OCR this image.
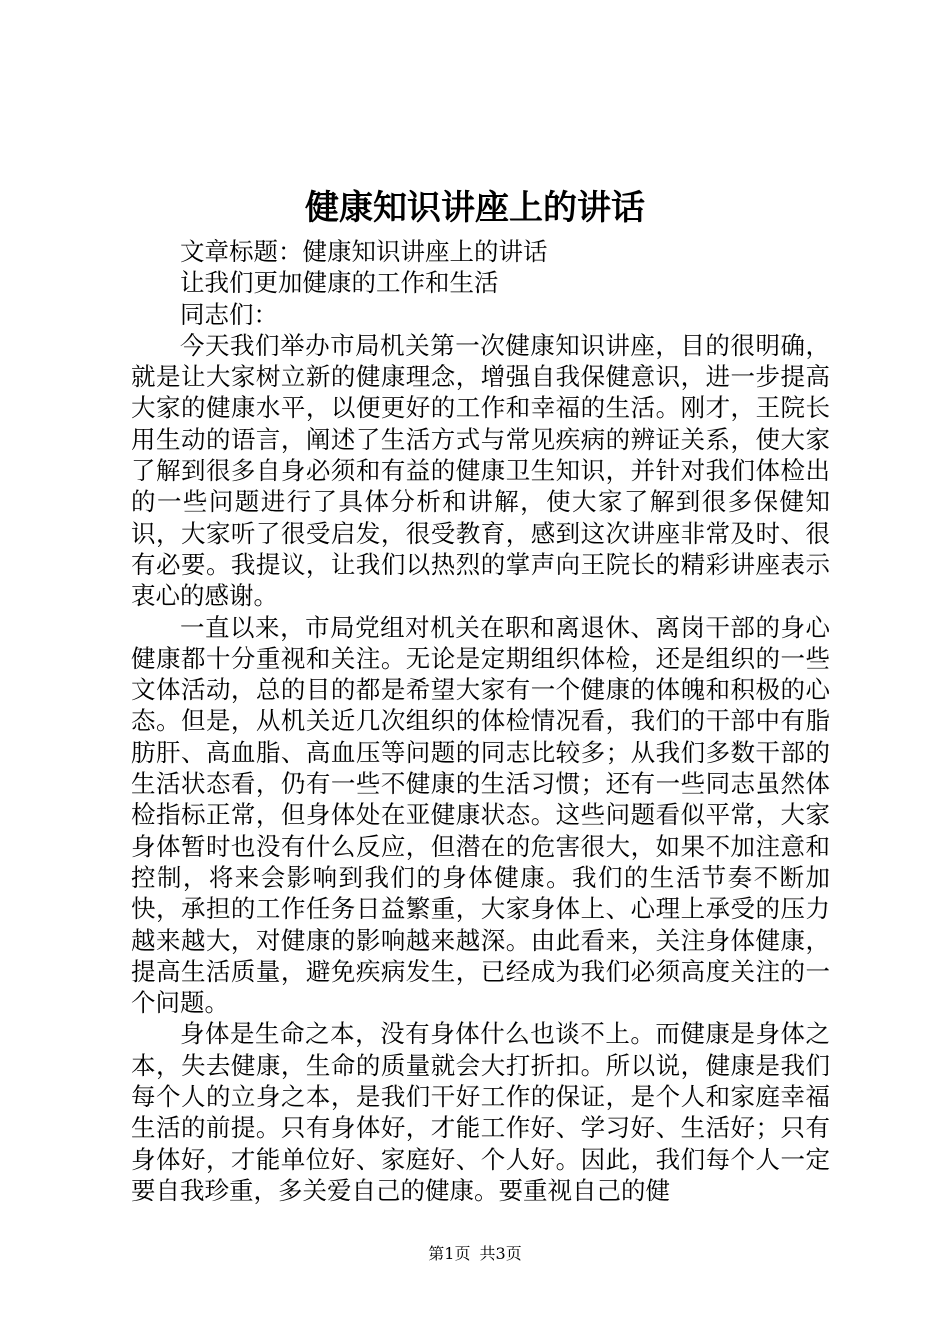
健康知识讲座上的讲话

文章标题：健康知识讲座上的讲话

让我们更加健康的工作和生活

同志们：

今天我们举办市局机关第一次健康知识讲座，目的很明确，就是让大家树立新的健康理念，增强自我保健意识，进一步提高大家的健康水平，以便更好的工作和幸福的生活。刚才，王院长用生动的语言，阐述了生活方式与常见疾病的辨证关系，使大家了解到很多自身必须和有益的健康卫生知识，并针对我们体检出的一些问题进行了具体分析和讲解，使大家了解到很多保健知识，大家听了很受启发，很受教育，感到这次讲座非常及时、很有必要。我提议，让我们以热烈的掌声向王院长的精彩讲座表示衷心的感谢。

一直以来，市局党组对机关在职和离退休、离岗干部的身心健康都十分重视和关注。无论是定期组织体检，还是组织的一些文体活动，总的目的都是希望大家有一个健康的体魄和积极的心态。但是，从机关近几次组织的体检情况看，我们的干部中有脂肪肝、高血脂、高血压等问题的同志比较多；从我们多数干部的生活状态看，仍有一些不健康的生活习惯；还有一些同志虽然体检指标正常，但身体处在亚健康状态。这些问题看似平常，大家身体暂时也没有什么反应，但潜在的危害很大，如果不加注意和控制，将来会影响到我们的身体健康。我们的生活节奏不断加快，承担的工作任务日益繁重，大家身体上、心理上承受的压力越来越大，对健康的影响越来越深。由此看来，关注身体健康，提高生活质量，避免疾病发生，已经成为我们必须高度关注的一个问题。

身体是生命之本，没有身体什么也谈不上。而健康是身体之本，失去健康，生命的质量就会大打折扣。所以说，健康是我们每个人的立身之本，是我们干好工作的保证，是个人和家庭幸福生活的前提。只有身体好，才能工作好、学习好、生活好；只有身体好，才能单位好、家庭好、个人好。因此，我们每个人一定要自我珍重，多关爱自己的健康。要重视自己的健

第1页 共3页
